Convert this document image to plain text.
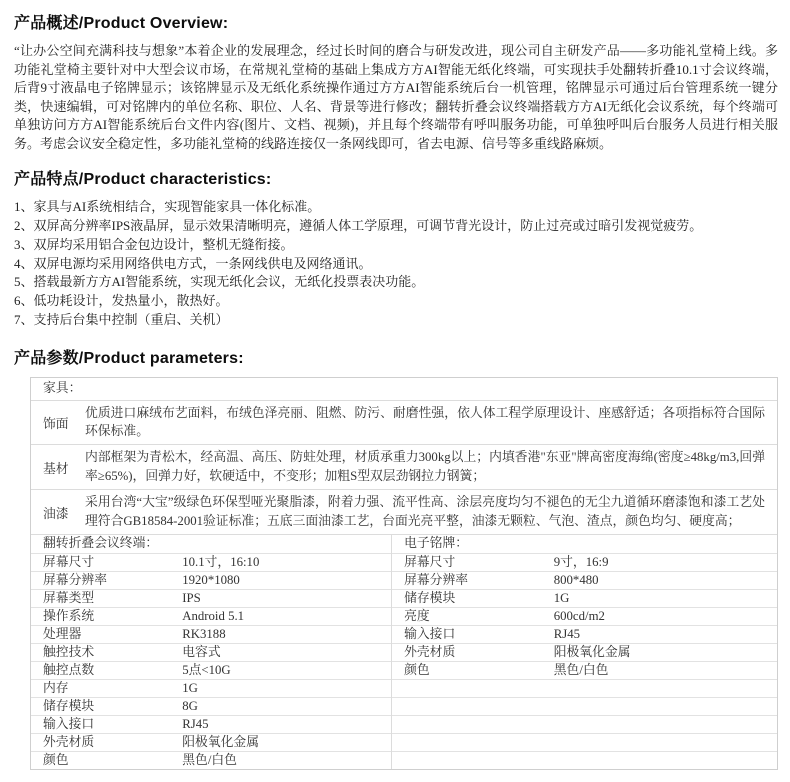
产品概述/Product Overview:

“让办公空间充满科技与想象”本着企业的发展理念，经过长时间的磨合与研发改进，现公司自主研发产品——多功能礼堂椅上线。多功能礼堂椅主要针对中大型会议市场，在常规礼堂椅的基础上集成方方AI智能无纸化终端，可实现扶手处翻转折叠10.1寸会议终端，后背9寸液晶电子铭牌显示；该铭牌显示及无纸化系统操作通过方方AI智能系统后台一机管理，铭牌显示可通过后台管理系统一键分类，快速编辑，可对铭牌内的单位名称、职位、人名、背景等进行修改；翻转折叠会议终端搭载方方AI无纸化会议系统，每个终端可单独访问方方AI智能系统后台文件内容(图片、文档、视频)，并且每个终端带有呼叫服务功能，可单独呼叫后台服务人员进行相关服务。考虑会议安全稳定性，多功能礼堂椅的线路连接仅一条网线即可，省去电源、信号等多重线路麻烦。

产品特点/Product characteristics:
1、家具与AI系统相结合，实现智能家具一体化标准。
2、双屏高分辨率IPS液晶屏，显示效果清晰明亮，遵循人体工学原理，可调节背光设计，防止过亮或过暗引发视觉疲劳。
3、双屏均采用铝合金包边设计，整机无缝衔接。
4、双屏电源均采用网络供电方式，一条网线供电及网络通讯。
5、搭载最新方方AI智能系统，实现无纸化会议，无纸化投票表决功能。
6、低功耗设计，发热量小，散热好。
7、支持后台集中控制（重启、关机）
产品参数/Product parameters:
家具：
饰面
优质进口麻绒布艺面料，布绒色泽亮丽、阻燃、防污、耐磨性强，依人体工程学原理设计、座感舒适；各项指标符合国际环保标准。
基材
内部框架为青松木，经高温、高压、防蛀处理，材质承重力300kg以上；内填香港"东亚"牌高密度海绵(密度≥48kg/m3,回弹率≥65%)，回弹力好，软硬适中，不变形；加粗S型双层劲钢拉力钢簧；
油漆
采用台湾“大宝”级绿色环保型哑光聚脂漆，附着力强、流平性高、涂层亮度均匀不褪色的无尘九道循环磨漆饱和漆工艺处理符合GB18584-2001验证标准；五底三面油漆工艺，台面光亮平整，油漆无颗粒、气泡、渣点，颜色均匀、硬度高；
翻转折叠会议终端：
屏幕尺寸	10.1寸，16:10
屏幕分辨率	1920*1080
屏幕类型	IPS
操作系统	Android 5.1
处理器	RK3188
触控技术	电容式
触控点数	5点<10G
内存	1G
储存模块	8G
输入接口	RJ45
外壳材质	阳极氧化金属
颜色	黑色/白色
电子铭牌：
屏幕尺寸	9寸，16:9
屏幕分辨率	800*480
储存模块	1G
亮度	600cd/m2
输入接口	RJ45
外壳材质	阳极氧化金属
颜色	黑色/白色
